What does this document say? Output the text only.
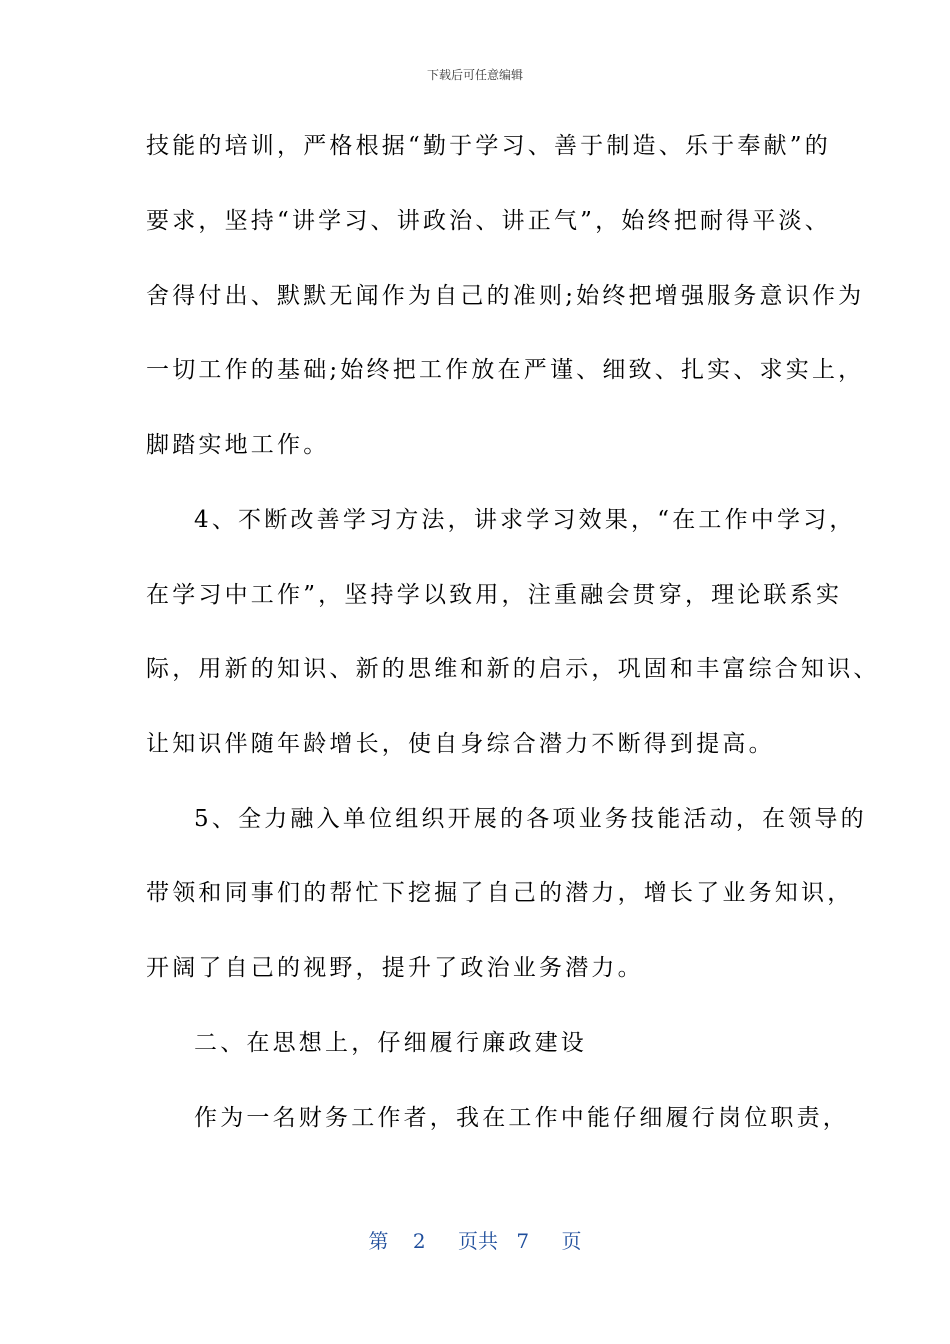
下载后可任意编辑
技能的培训，严格根据“勤于学习、善于制造、乐于奉献”的
要求，坚持“讲学习、讲政治、讲正气”，始终把耐得平淡、
舍得付出、默默无闻作为自己的准则;始终把增强服务意识作为
一切工作的基础;始终把工作放在严谨、细致、扎实、求实上，
脚踏实地工作。
4、不断改善学习方法，讲求学习效果，“在工作中学习，
在学习中工作”，坚持学以致用，注重融会贯穿，理论联系实
际，用新的知识、新的思维和新的启示，巩固和丰富综合知识、
让知识伴随年龄增长，使自身综合潜力不断得到提高。
5、全力融入单位组织开展的各项业务技能活动，在领导的
带领和同事们的帮忙下挖掘了自己的潜力，增长了业务知识，
开阔了自己的视野，提升了政治业务潜力。
二、在思想上，仔细履行廉政建设
作为一名财务工作者，我在工作中能仔细履行岗位职责，
第 2 页共 7 页
